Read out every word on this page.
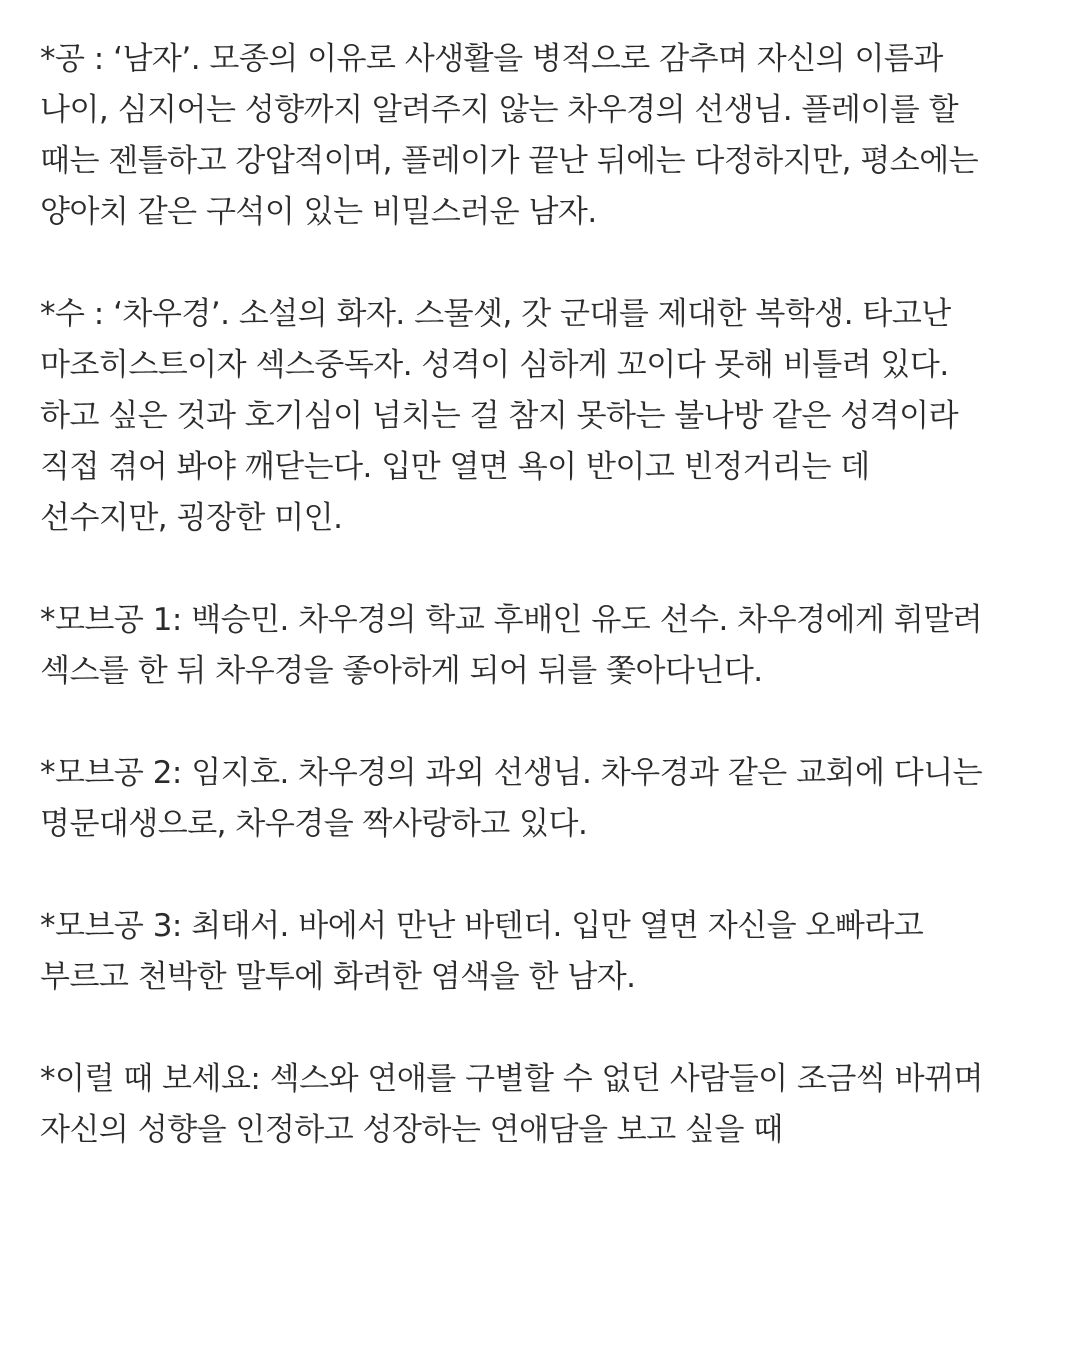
*공 : ‘남자’. 모종의 이유로 사생활을 병적으로 감추며 자신의 이름과
나이, 심지어는 성향까지 알려주지 않는 차우경의 선생님. 플레이를 할
때는 젠틀하고 강압적이며, 플레이가 끝난 뒤에는 다정하지만, 평소에는
양아치 같은 구석이 있는 비밀스러운 남자.
*수 : ‘차우경’. 소설의 화자. 스물셋, 갓 군대를 제대한 복학생. 타고난
마조히스트이자 섹스중독자. 성격이 심하게 꼬이다 못해 비틀려 있다.
하고 싶은 것과 호기심이 넘치는 걸 참지 못하는 불나방 같은 성격이라
직접 겪어 봐야 깨닫는다. 입만 열면 욕이 반이고 빈정거리는 데
선수지만, 굉장한 미인.
*모브공 1: 백승민. 차우경의 학교 후배인 유도 선수. 차우경에게 휘말려
섹스를 한 뒤 차우경을 좋아하게 되어 뒤를 쫓아다닌다.
*모브공 2: 임지호. 차우경의 과외 선생님. 차우경과 같은 교회에 다니는
명문대생으로, 차우경을 짝사랑하고 있다.
*모브공 3: 최태서. 바에서 만난 바텐더. 입만 열면 자신을 오빠라고
부르고 천박한 말투에 화려한 염색을 한 남자.
*이럴 때 보세요: 섹스와 연애를 구별할 수 없던 사람들이 조금씩 바뀌며
자신의 성향을 인정하고 성장하는 연애담을 보고 싶을 때
